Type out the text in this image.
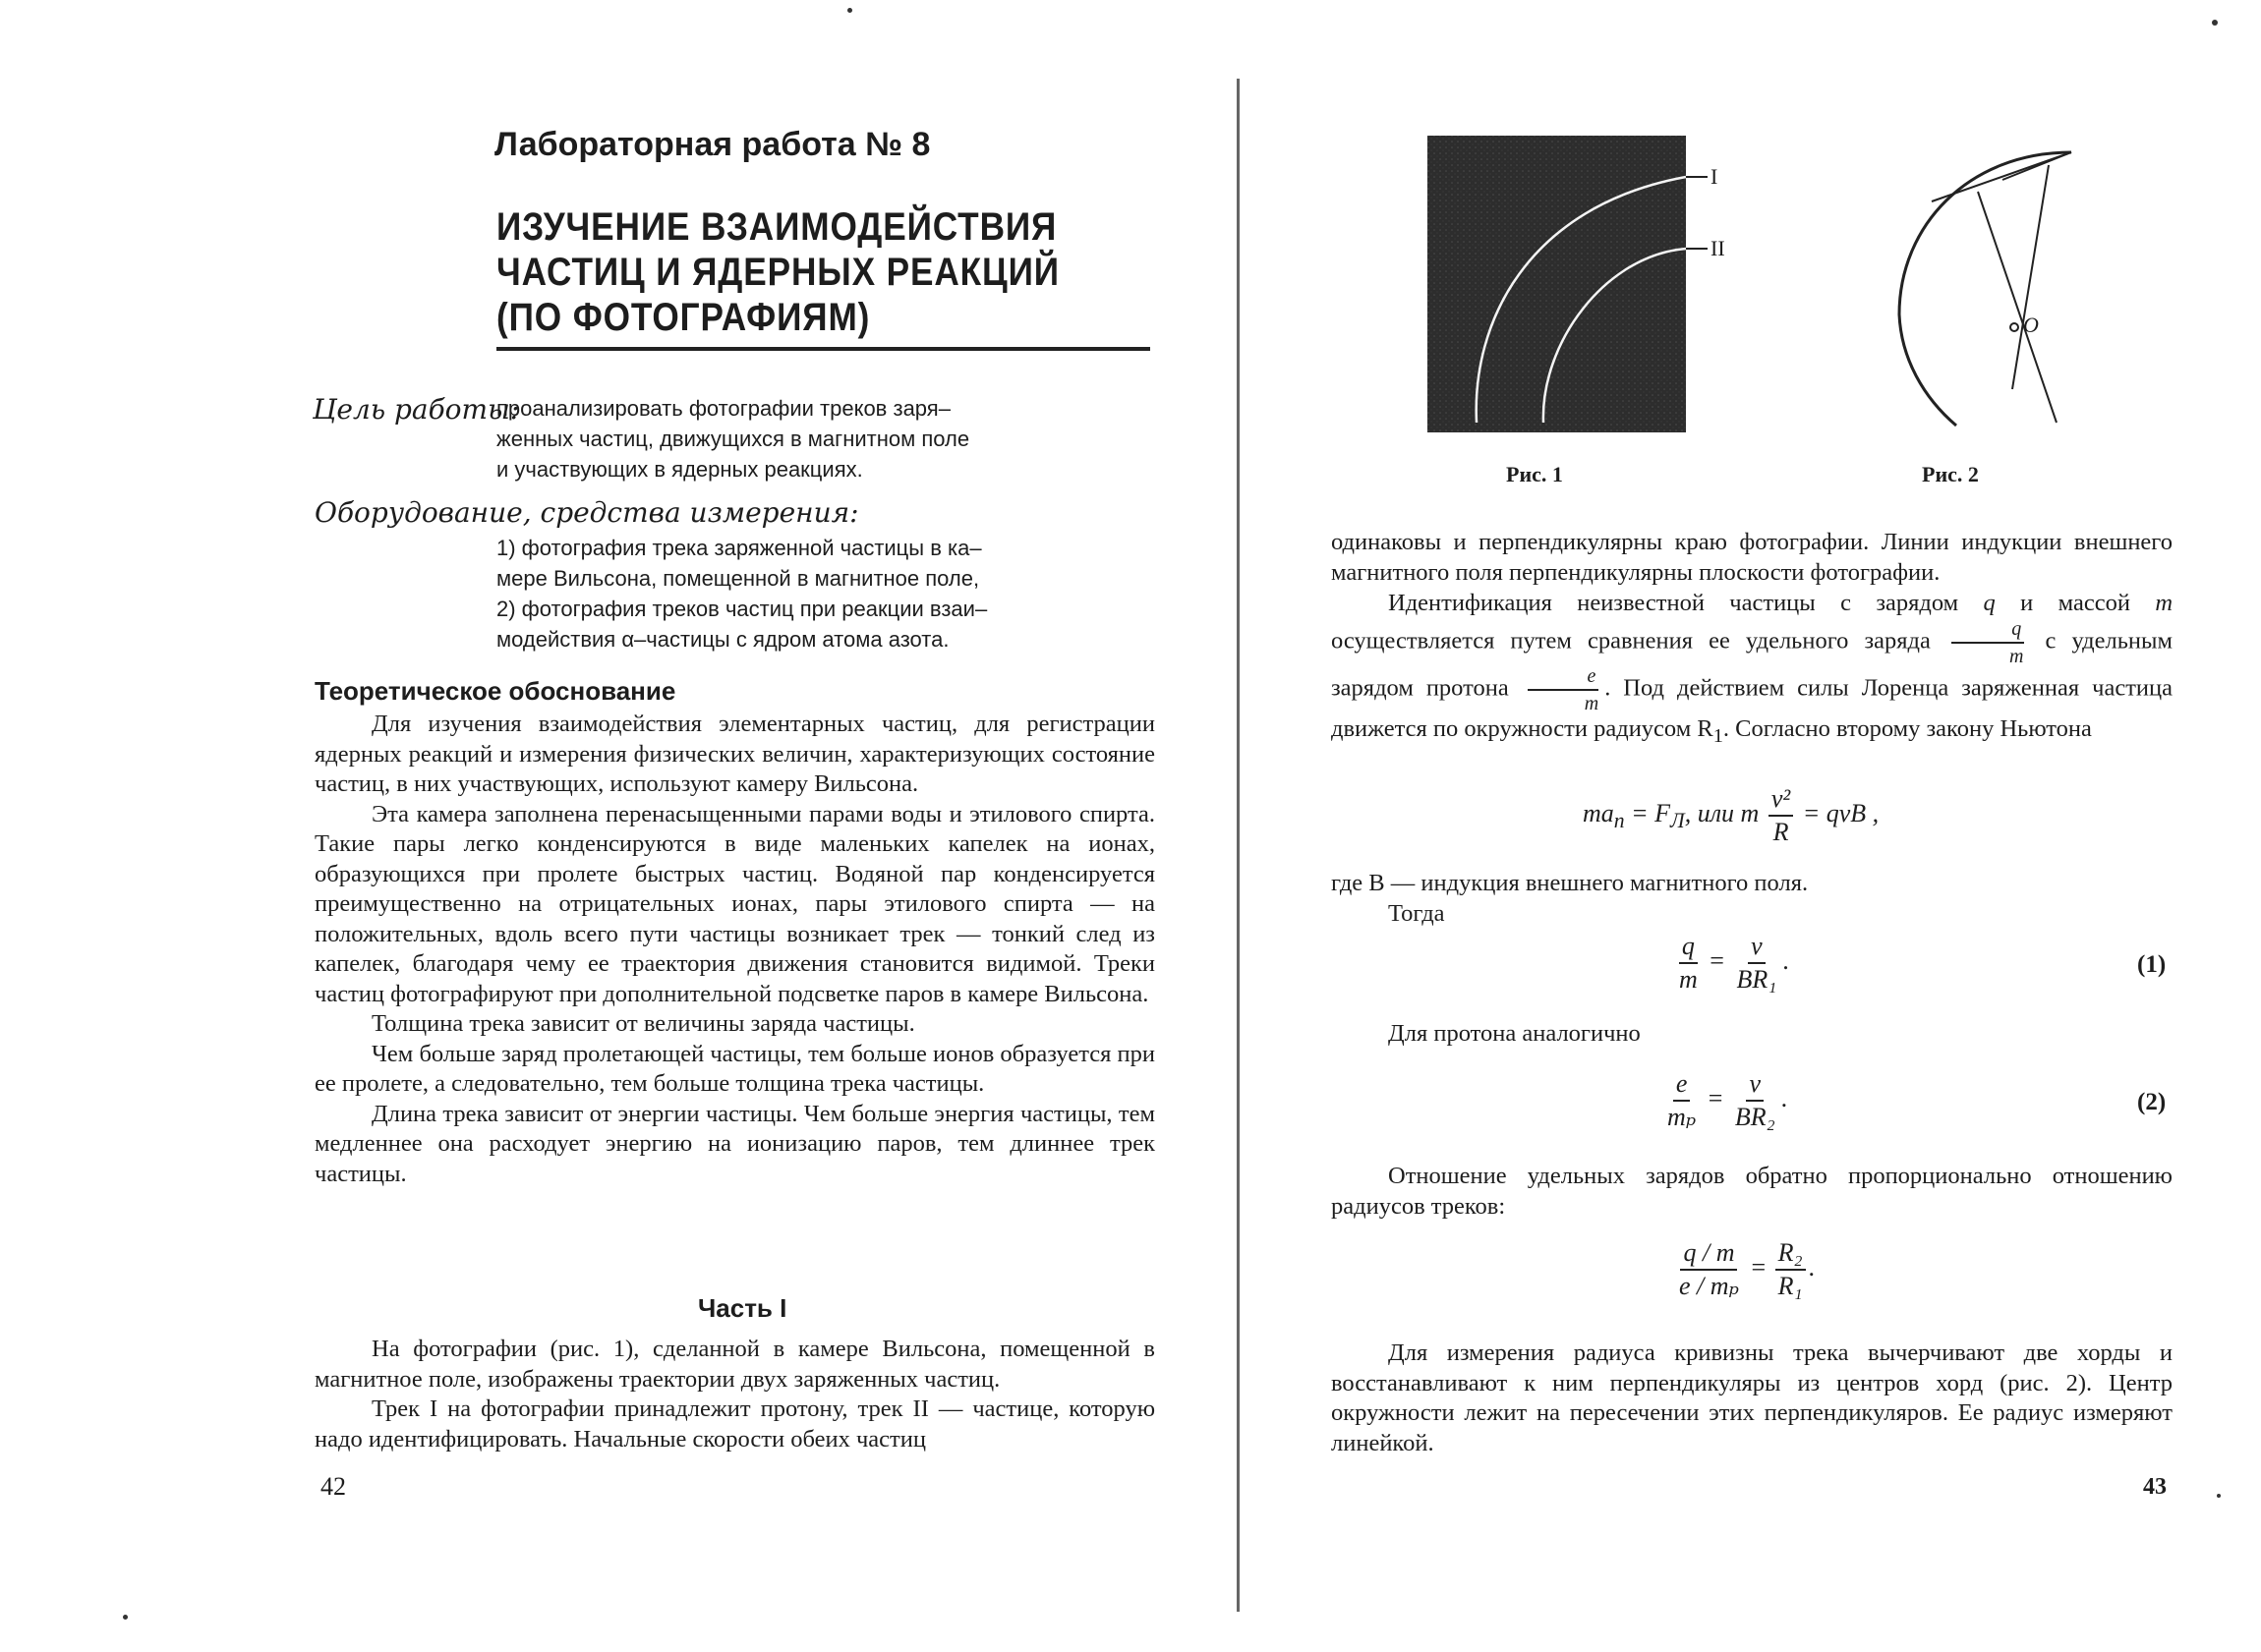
Лабораторная работа № 8
ИЗУЧЕНИЕ ВЗАИМОДЕЙСТВИЯ
ЧАСТИЦ И ЯДЕРНЫХ РЕАКЦИЙ
(ПО ФОТОГРАФИЯМ)
Цель работы:
проанализировать фотографии треков заря–
женных частиц, движущихся в магнитном поле
и участвующих в ядерных реакциях.
Оборудование, средства измерения:
1) фотография трека заряженной частицы в ка–
мере Вильсона, помещенной в магнитное поле,
2) фотография треков частиц при реакции взаи–
модействия α–частицы с ядром атома азота.
Теоретическое обоснование

Для изучения взаимодействия элементарных частиц, для регистрации ядерных реакций и измерения физических величин, характеризующих состояние частиц, в них участвующих, используют камеру Вильсона.

Эта камера заполнена перенасыщенными парами воды и этилового спирта. Такие пары легко конденсируются в виде маленьких капелек на ионах, образующихся при пролете быстрых частиц. Водяной пар конденсируется преимущественно на отрицательных ионах, пары этилового спирта — на положительных, вдоль всего пути частицы возникает трек — тонкий след из капелек, благодаря чему ее траектория движения становится видимой. Треки частиц фотографируют при дополнительной подсветке паров в камере Вильсона.

Толщина трека зависит от величины заряда частицы.

Чем больше заряд пролетающей частицы, тем больше ионов образуется при ее пролете, а следовательно, тем больше толщина трека частицы.

Длина трека зависит от энергии частицы. Чем больше энергия частицы, тем медленнее она расходует энергию на ионизацию паров, тем длиннее трек частицы.

Часть I

На фотографии (рис. 1), сделанной в камере Вильсона, помещенной в магнитное поле, изображены траектории двух заряженных частиц.

Трек I на фотографии принадлежит протону, трек II — частице, которую надо идентифицировать. Начальные скорости обеих частиц

42
I
II
Рис. 1
O
Рис. 2

одинаковы и перпендикулярны краю фотографии. Линии индукции внешнего магнитного поля перпендикулярны плоскости фотографии.

Идентификация неизвестной частицы с зарядом q и массой m осуществляется путем сравнения ее удельного заряда $\frac{q}{m}$ с удельным зарядом протона $\frac{e}{m}$ . Под действием силы Лоренца заряженная частица движется по окружности радиусом $R_1$. Согласно второму закону Ньютона

$ma_n = F_Л$, или m $\frac{\text{v²}}{R}$ = qvB ,

где B — индукция внешнего магнитного поля.

Тогда

$\frac{q}{m} = \frac{v}{\text{BR₁}}$ .	(1)

Для протона аналогично

$\frac{e}{\text{mₚ}} = \frac{v}{\text{BR₂}}$ .	(2)

Отношение удельных зарядов обратно пропорционально отношению радиусов треков:

$\frac{q / m}{\text{e / mₚ}} = \frac{\text{R₂}}{\text{R₁}}$ .

Для измерения радиуса кривизны трека вычерчивают две хорды и восстанавливают к ним перпендикуляры из центров хорд (рис. 2). Центр окружности лежит на пересечении этих перпендикуляров. Ее радиус измеряют линейкой.

43
